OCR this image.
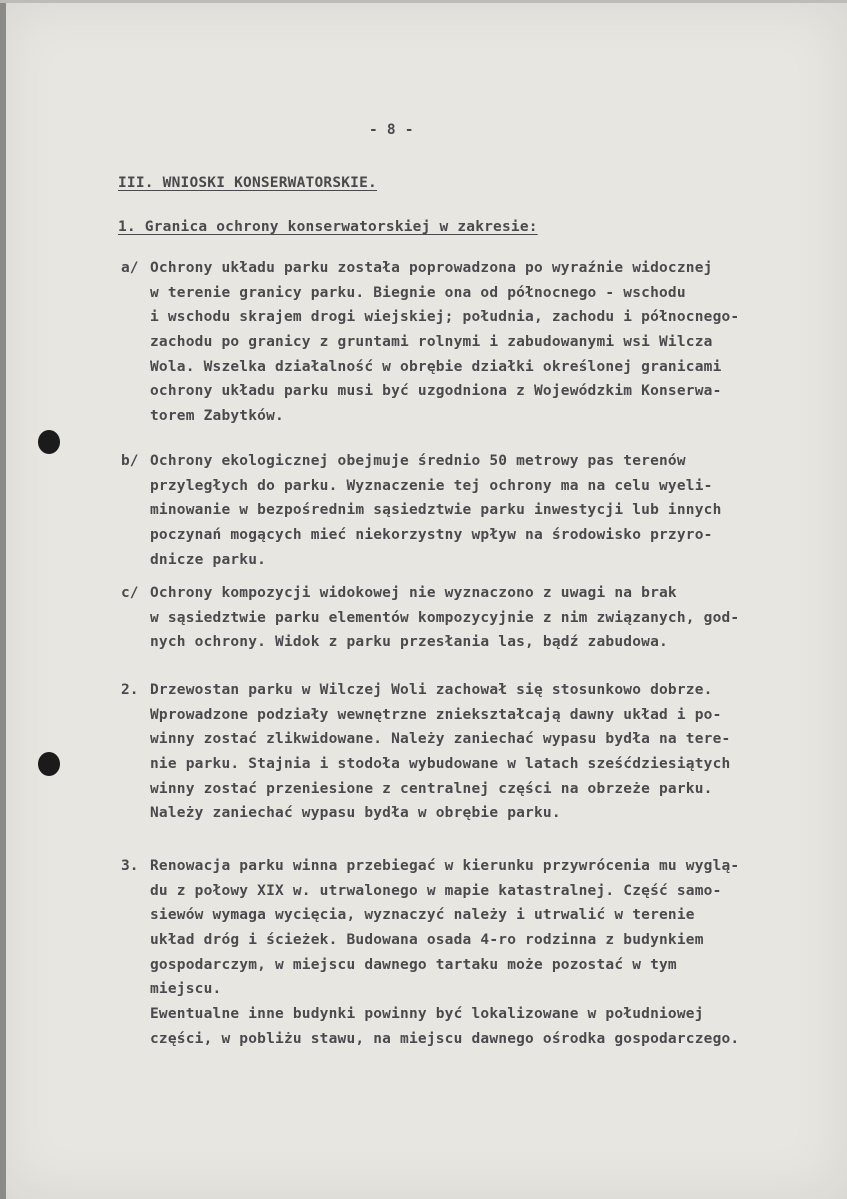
- 8 -

III. WNIOSKI KONSERWATORSKIE.

1. Granica ochrony konserwatorskiej w zakresie:

a/ Ochrony układu parku została poprowadzona po wyraźnie widocznej
w terenie granicy parku. Biegnie ona od północnego - wschodu
i wschodu skrajem drogi wiejskiej; południa, zachodu i północnego-
zachodu po granicy z gruntami rolnymi i zabudowanymi wsi Wilcza
Wola. Wszelka działalność w obrębie działki określonej granicami
ochrony układu parku musi być uzgodniona z Wojewódzkim Konserwa-
torem Zabytków.
b/ Ochrony ekologicznej obejmuje średnio 50 metrowy pas terenów
przyległych do parku. Wyznaczenie tej ochrony ma na celu wyeli-
minowanie w bezpośrednim sąsiedztwie parku inwestycji lub innych
poczynań mogących mieć niekorzystny wpływ na środowisko przyro-
dnicze parku.
c/ Ochrony kompozycji widokowej nie wyznaczono z uwagi na brak
w sąsiedztwie parku elementów kompozycyjnie z nim związanych, god-
nych ochrony. Widok z parku przesłania las, bądź zabudowa.
2. Drzewostan parku w Wilczej Woli zachował się stosunkowo dobrze.
Wprowadzone podziały wewnętrzne zniekształcają dawny układ i po-
winny zostać zlikwidowane. Należy zaniechać wypasu bydła na tere-
nie parku. Stajnia i stodoła wybudowane w latach sześćdziesiątych
winny zostać przeniesione z centralnej części na obrzeże parku.
Należy zaniechać wypasu bydła w obrębie parku.
3. Renowacja parku winna przebiegać w kierunku przywrócenia mu wyglą-
du z połowy XIX w. utrwalonego w mapie katastralnej. Część samo-
siewów wymaga wycięcia, wyznaczyć należy i utrwalić w terenie
układ dróg i ścieżek. Budowana osada 4-ro rodzinna z budynkiem
gospodarczym, w miejscu dawnego tartaku może pozostać w tym
miejscu.
Ewentualne inne budynki powinny być lokalizowane w południowej
części, w pobliżu stawu, na miejscu dawnego ośrodka gospodarczego.
